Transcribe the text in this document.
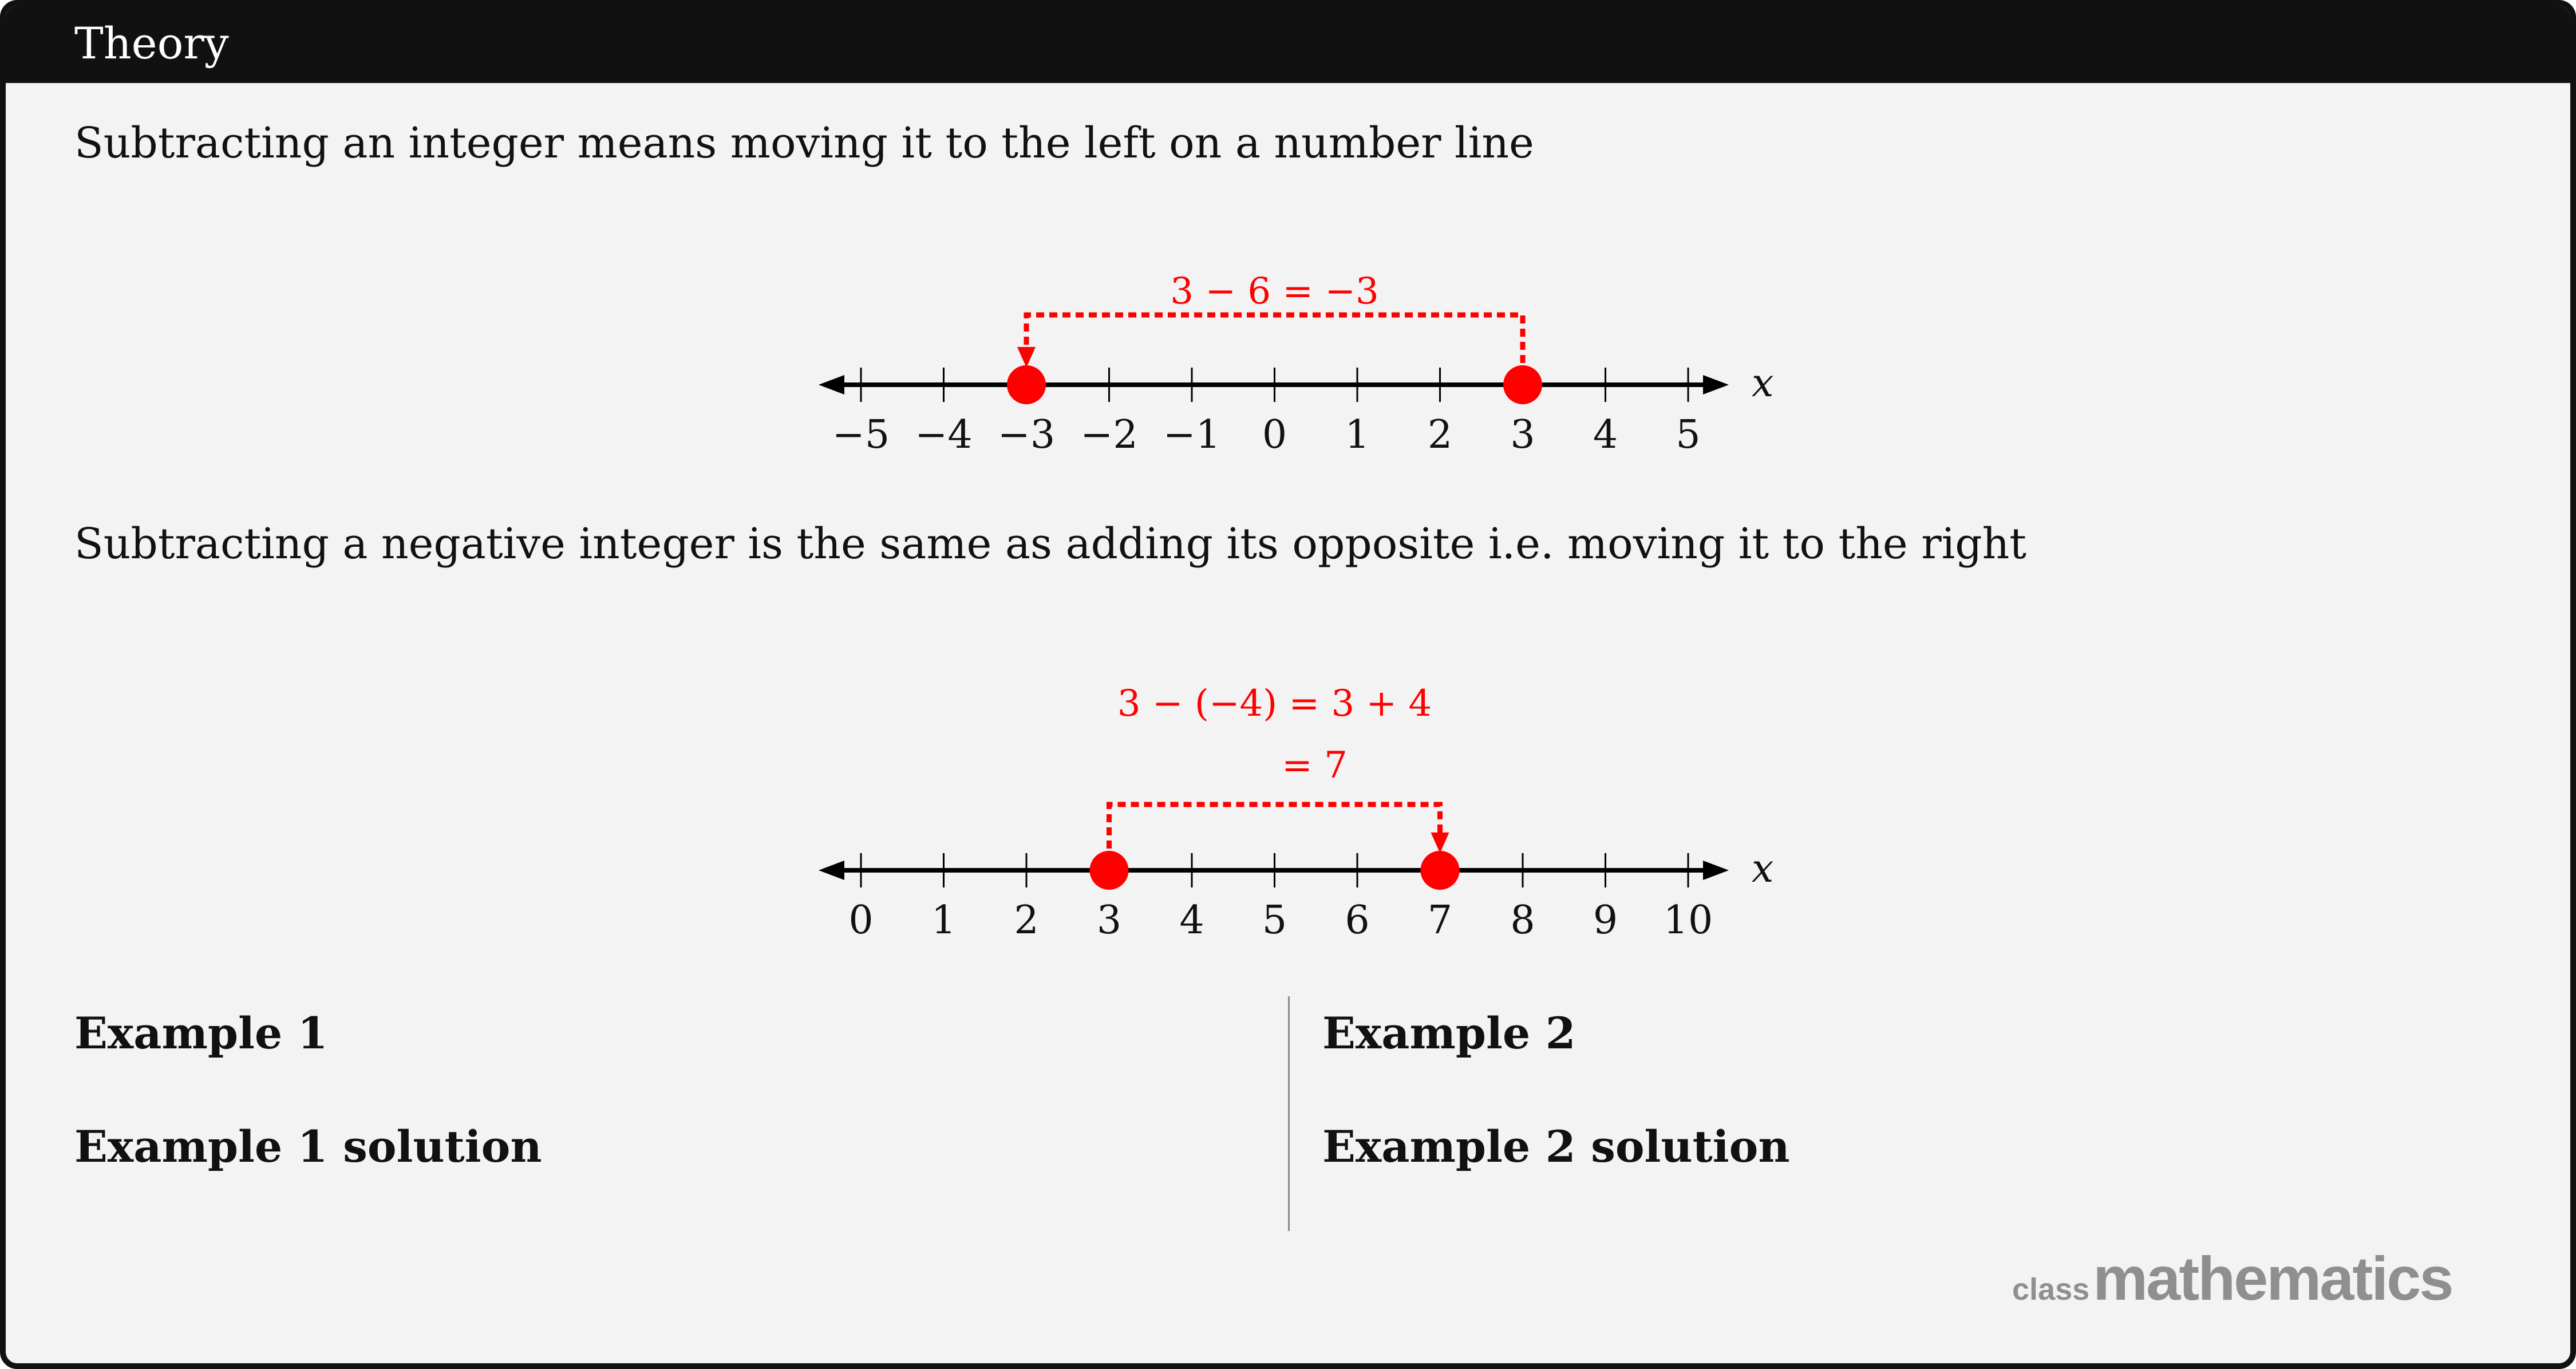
Theory
Subtracting an integer means moving it to the left on a number line
Subtracting a negative integer is the same as adding its opposite i.e. moving it to the right
−5 −4 −3 −2 −1 0 1 2 3 4 5
x
3 − 6 = −3
0 1 2 3 4 5 6 7 8 9 10
x
3 − (−4) = 3 + 4
= 7
Example 1
Example 1 solution
Example 2
Example 2 solution
classmathematics
